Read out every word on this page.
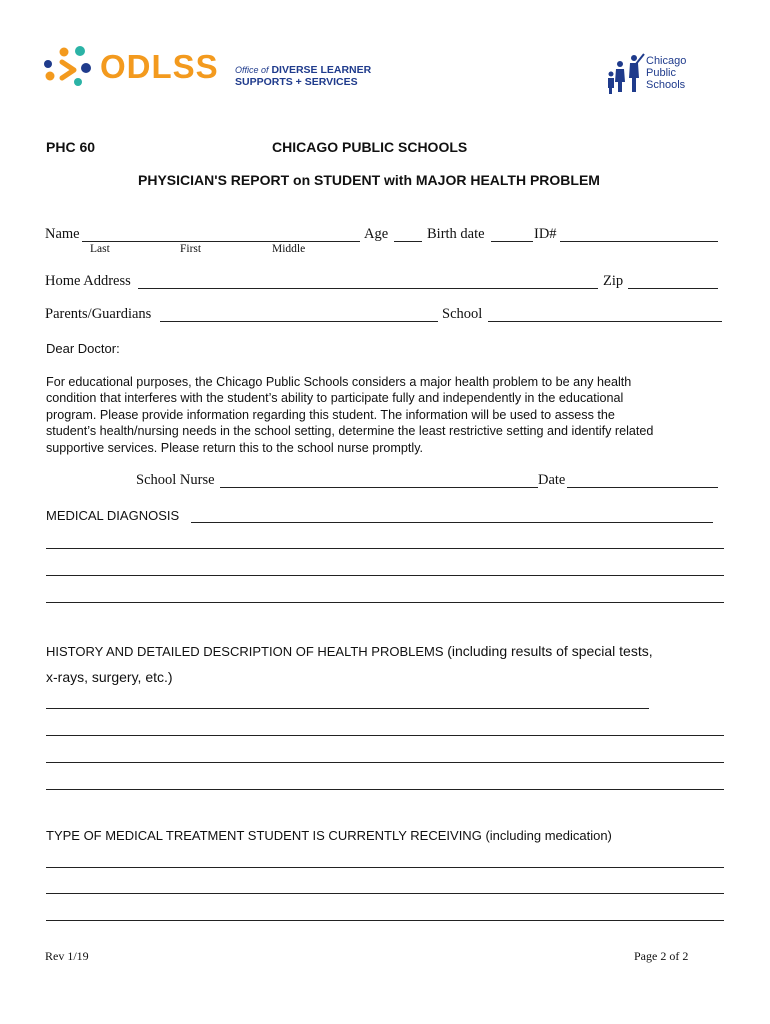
ODLSS Office of DIVERSE LEARNER
SUPPORTS + SERVICES
Chicago
Public
Schools
PHC 60	CHICAGO PUBLIC SCHOOLS
PHYSICIAN'S REPORT on STUDENT with MAJOR HEALTH PROBLEM
Name	Age	Birth date	ID#
Last	First	Middle
Home Address	Zip
Parents/Guardians	School
Dear Doctor:
For educational purposes, the Chicago Public Schools considers a major health problem to be any health
condition that interferes with the student’s ability to participate fully and independently in the educational
program. Please provide information regarding this student. The information will be used to assess the
student’s health/nursing needs in the school setting, determine the least restrictive setting and identify related
supportive services. Please return this to the school nurse promptly.
School Nurse	Date
MEDICAL DIAGNOSIS
HISTORY AND DETAILED DESCRIPTION OF HEALTH PROBLEMS (including results of special tests,
x-rays, surgery, etc.)
TYPE OF MEDICAL TREATMENT STUDENT IS CURRENTLY RECEIVING (including medication)
Rev 1/19	Page 2 of 2
